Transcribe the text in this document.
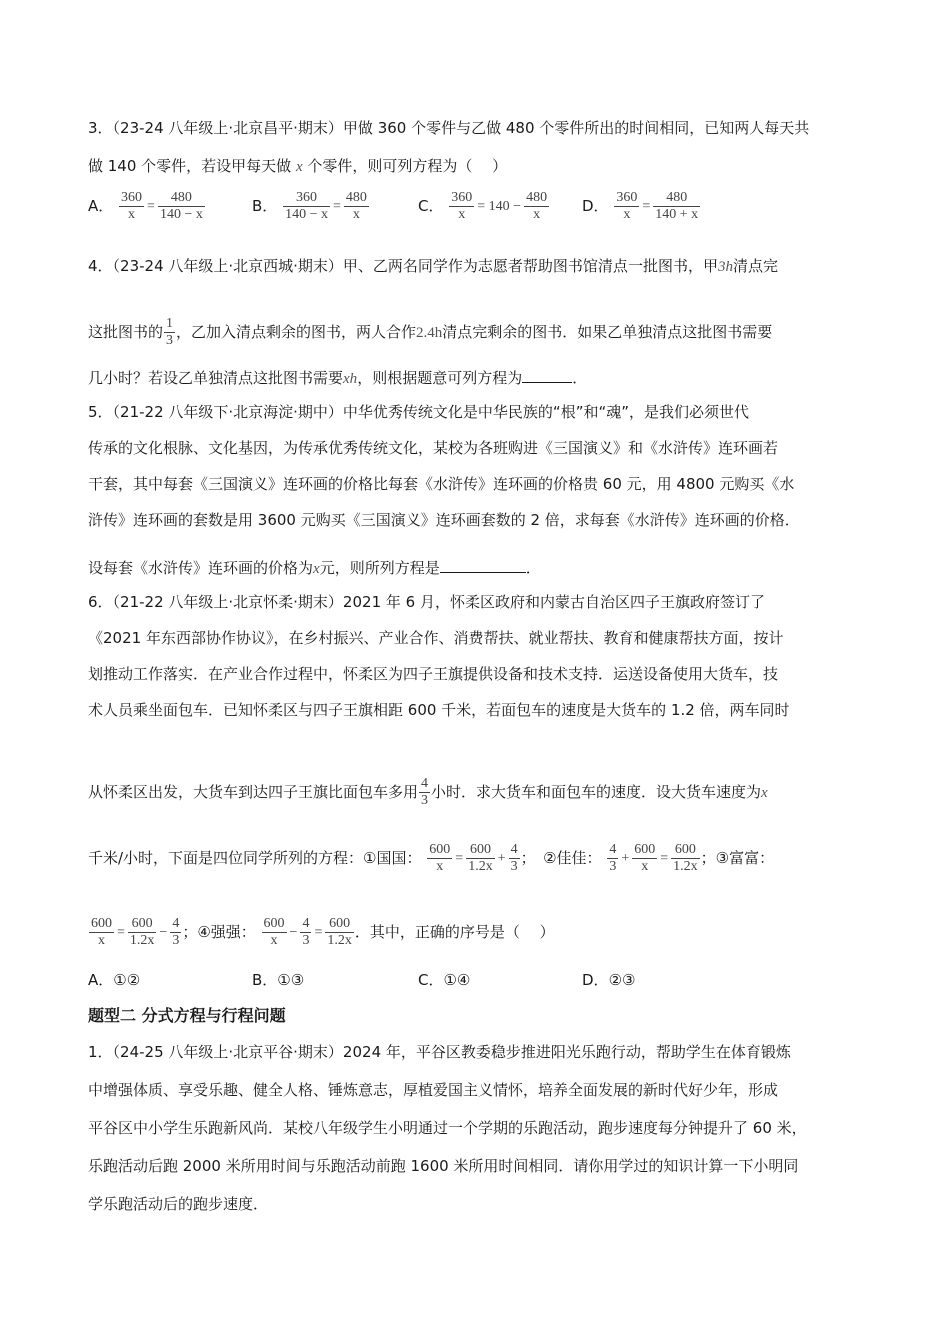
3．（23-24 八年级上·北京昌平·期末）甲做 360 个零件与乙做 480 个零件所出的时间相同，已知两人每天共
做 140 个零件，若设甲每天做 x 个零件，则可列方程为（　 ）
A． $\frac{360}{x} = \frac{480}{140 - x}$	B． $\frac{360}{140 - x} = \frac{480}{x}$	C． $\frac{360}{x} = 140 - \frac{480}{x}$ D． $\frac{360}{x} = \frac{480}{140 + x}$
4．（23-24 八年级上·北京西城·期末）甲、乙两名同学作为志愿者帮助图书馆清点一批图书，甲3h清点完
这批图书的 $\frac{1}{3}$ ，乙加入清点剩余的图书，两人合作2.4h清点完剩余的图书．如果乙单独清点这批图书需要
几小时？若设乙单独清点这批图书需要xh，则根据题意可列方程为	．
5．（21-22 八年级下·北京海淀·期中）中华优秀传统文化是中华民族的“根”和“魂”，是我们必须世代
传承的文化根脉、文化基因，为传承优秀传统文化，某校为各班购进《三国演义》和《水浒传》连环画若
干套，其中每套《三国演义》连环画的价格比每套《水浒传》连环画的价格贵 60 元，用 4800 元购买《水
浒传》连环画的套数是用 3600 元购买《三国演义》连环画套数的 2 倍，求每套《水浒传》连环画的价格．
设每套《水浒传》连环画的价格为x元，则所列方程是	．
6．（21-22 八年级上·北京怀柔·期末）2021 年 6 月，怀柔区政府和内蒙古自治区四子王旗政府签订了
《2021 年东西部协作协议》，在乡村振兴、产业合作、消费帮扶、就业帮扶、教育和健康帮扶方面，按计
划推动工作落实．在产业合作过程中，怀柔区为四子王旗提供设备和技术支持．运送设备使用大货车，技
术人员乘坐面包车．已知怀柔区与四子王旗相距 600 千米，若面包车的速度是大货车的 1.2 倍，两车同时
从怀柔区出发，大货车到达四子王旗比面包车多用 $\frac{4}{3}$ 小时．求大货车和面包车的速度．设大货车速度为x
千米/小时，下面是四位同学所列的方程：①国国： $\frac{600}{x} = \frac{600}{1.2x} + \frac{4}{3}$ ；　②佳佳： $\frac{4}{3} + \frac{600}{x} = \frac{600}{1.2x}$ ；③富富：
$\frac{600}{x} = \frac{600}{1.2x} - \frac{4}{3}$ ；④强强： $\frac{600}{x} - \frac{4}{3} = \frac{600}{1.2x}$ ．其中，正确的序号是（　 ）
A．①②	B．①③	C．①④	D．②③
题型二 分式方程与行程问题
1．（24-25 八年级上·北京平谷·期末）2024 年，平谷区教委稳步推进阳光乐跑行动，帮助学生在体育锻炼
中增强体质、享受乐趣、健全人格、锤炼意志，厚植爱国主义情怀，培养全面发展的新时代好少年，形成
平谷区中小学生乐跑新风尚．某校八年级学生小明通过一个学期的乐跑活动，跑步速度每分钟提升了 60 米，
乐跑活动后跑 2000 米所用时间与乐跑活动前跑 1600 米所用时间相同．请你用学过的知识计算一下小明同
学乐跑活动后的跑步速度．
